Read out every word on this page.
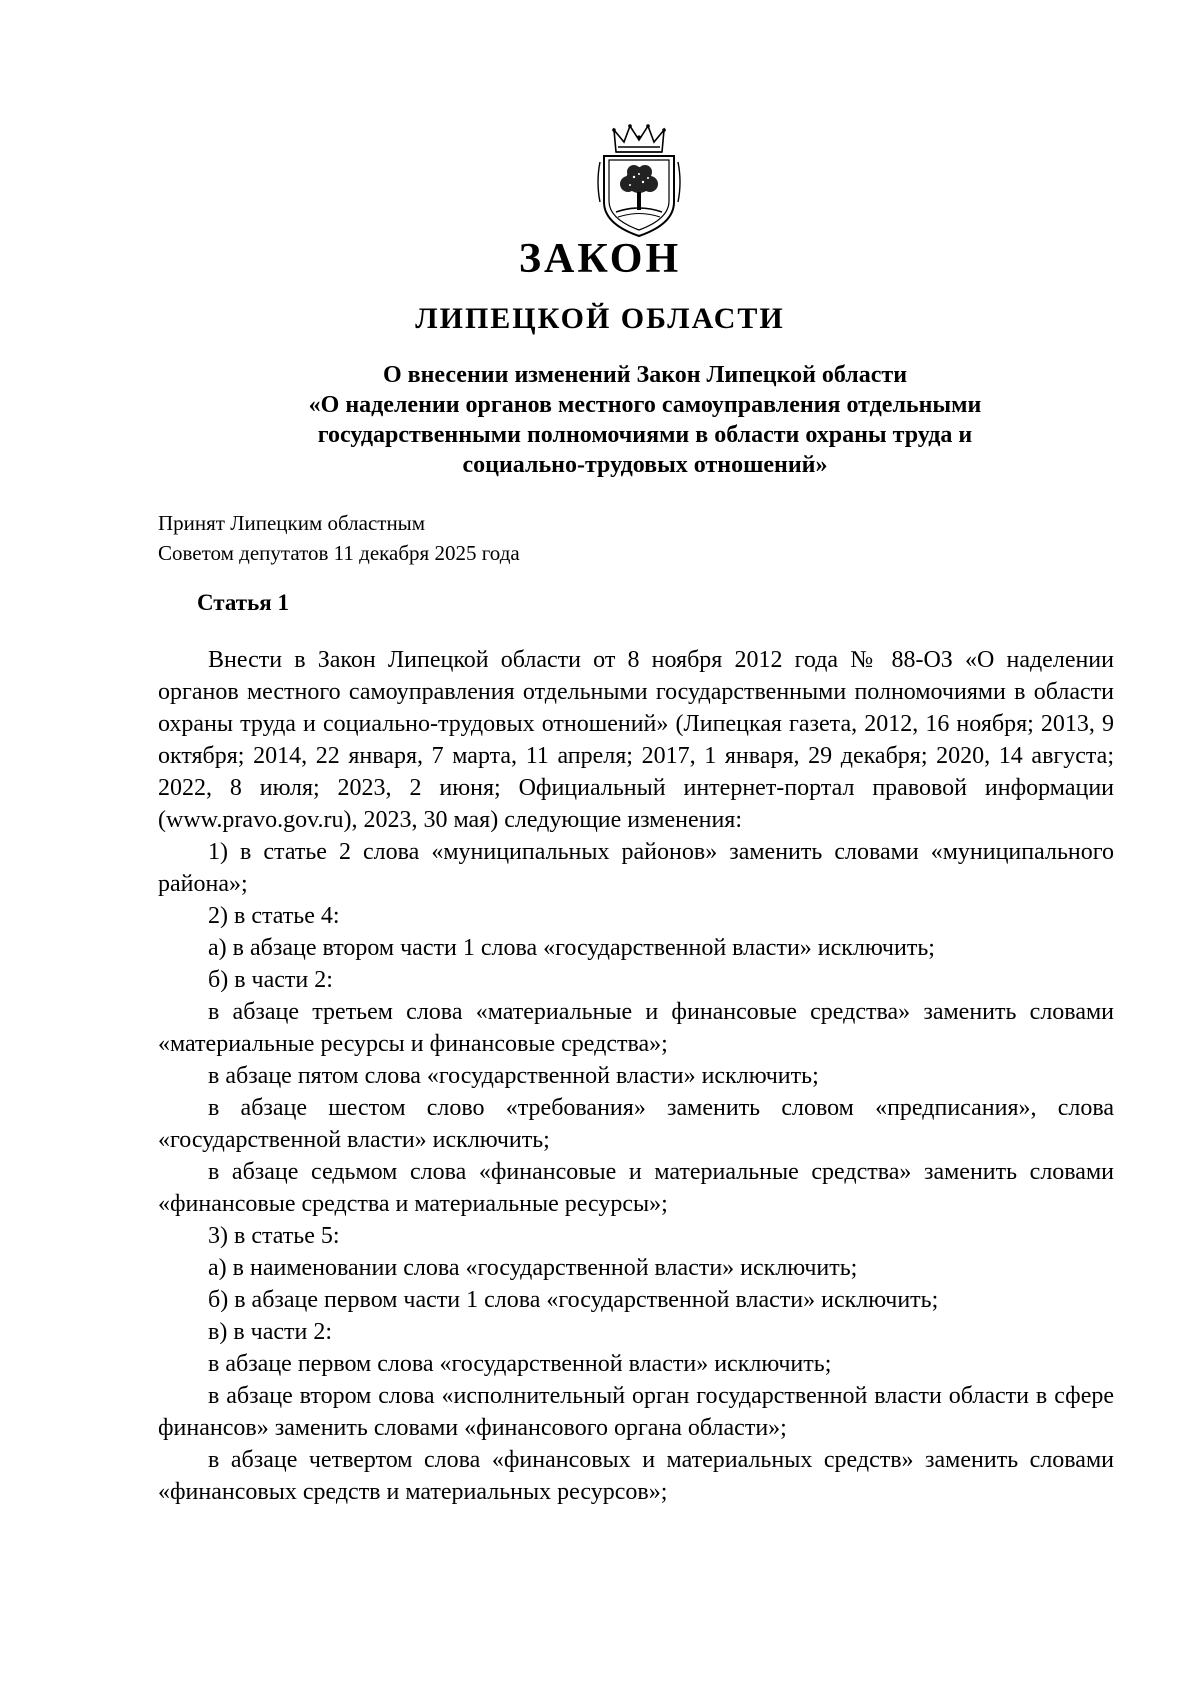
ЗАКОН
ЛИПЕЦКОЙ ОБЛАСТИ
О внесении изменений Закон Липецкой области
«О наделении органов местного самоуправления отдельными
государственными полномочиями в области охраны труда и
социально-трудовых отношений»
Принят Липецким областным
Советом депутатов 11 декабря 2025 года
Статья 1

Внести в Закон Липецкой области от 8 ноября 2012 года № 88-ОЗ «О наделении органов местного самоуправления отдельными государственными полномочиями в области охраны труда и социально-трудовых отношений» (Липецкая газета, 2012, 16 ноября; 2013, 9 октября; 2014, 22 января, 7 марта, 11 апреля; 2017, 1 января, 29 декабря; 2020, 14 августа; 2022, 8 июля; 2023, 2 июня; Официальный интернет-портал правовой информации (www.pravo.gov.ru), 2023, 30 мая) следующие изменения:

1) в статье 2 слова «муниципальных районов» заменить словами «муниципального района»;

2) в статье 4:

а) в абзаце втором части 1 слова «государственной власти» исключить;

б) в части 2:

в абзаце третьем слова «материальные и финансовые средства» заменить словами «материальные ресурсы и финансовые средства»;

в абзаце пятом слова «государственной власти» исключить;

в абзаце шестом слово «требования» заменить словом «предписания», слова «государственной власти» исключить;

в абзаце седьмом слова «финансовые и материальные средства» заменить словами «финансовые средства и материальные ресурсы»;

3) в статье 5:

а) в наименовании слова «государственной власти» исключить;

б) в абзаце первом части 1 слова «государственной власти» исключить;

в) в части 2:

в абзаце первом слова «государственной власти» исключить;

в абзаце втором слова «исполнительный орган государственной власти области в сфере финансов» заменить словами «финансового органа области»;

в абзаце четвертом слова «финансовых и материальных средств» заменить словами «финансовых средств и материальных ресурсов»;
